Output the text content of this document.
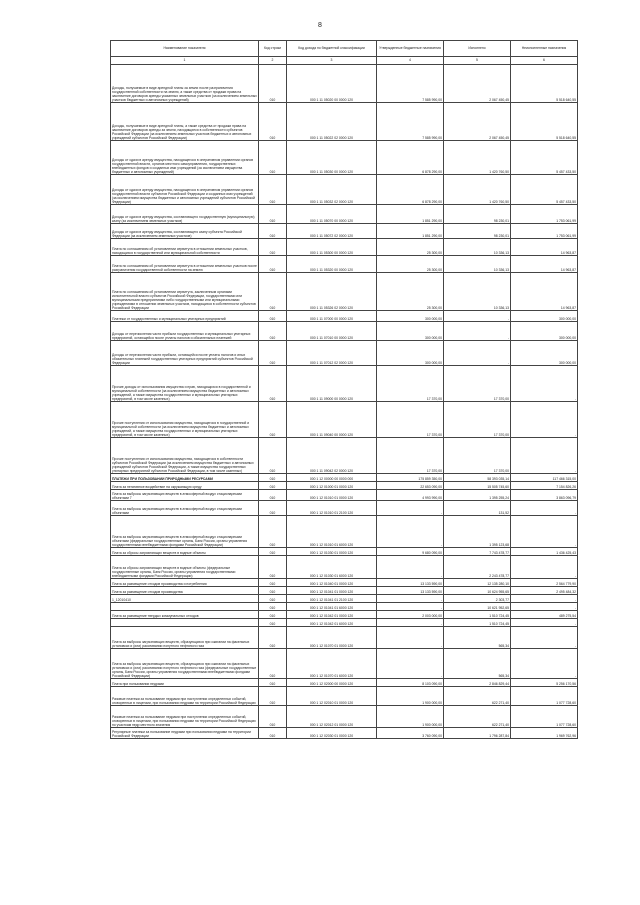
8
Наименование показателя	Код строки	Код дохода по бюджетной классификации	Утвержденные бюджетные назначения	Исполнено	Неисполненные назначения
1	2	3	4	5	6
Доходы, получаемые в виде арендной платы за земли после разграничения государственной собственности на землю, а также средства от продажи права на заключение договоров аренды указанных земельных участков (за исключением земельных участков бюджетных и автономных учреждений)	010	000 1 11 05020 00 0000 120	7 585 990,00	2 067 450,45	5 518 640,55
Доходы, получаемые в виде арендной платы, а также средства от продажи права на заключение договоров аренды за земли, находящиеся в собственности субъектов Российской Федерации (за исключением земельных участков бюджетных и автономных учреждений субъектов Российской Федерации)	010	000 1 11 05022 02 0000 120	7 585 990,00	2 067 450,45	5 518 640,55
Доходы от сдачи в аренду имущества, находящегося в оперативном управлении органов государственной власти, органов местного самоуправления, государственных внебюджетных фондов и созданных ими учреждений (за исключением имущества бюджетных и автономных учреждений)	010	000 1 11 05030 00 0000 120	6 878 290,00	1 420 760,50	5 457 433,50
Доходы от сдачи в аренду имущества, находящегося в оперативном управлении органов государственной власти субъектов Российской Федерации и созданных ими учреждений (за исключением имущества бюджетных и автономных учреждений субъектов Российской Федерации)	010	000 1 11 05032 02 0000 120	6 878 290,00	1 420 760,50	5 457 433,50
Доходы от сдачи в аренду имущества, составляющего государственную (муниципальную) казну (за исключением земельных участков)	010	000 1 11 05070 00 0000 120	1 851 290,00	98 230,01	1 753 061,99
Доходы от сдачи в аренду имущества, составляющего казну субъекта Российской Федерации (за исключением земельных участков)	010	000 1 11 05072 02 0000 120	1 851 290,00	98 230,01	1 753 061,99
Плата по соглашениям об установлении сервитута в отношении земельных участков, находящихся в государственной или муниципальной собственности	010	000 1 11 05300 00 0000 120	25 300,00	10 336,13	14 963,87
Плата по соглашениям об установлении сервитута в отношении земельных участков после разграничения государственной собственности на землю	010	000 1 11 05320 00 0000 120	25 300,00	10 336,13	14 963,87
Плата по соглашениям об установлении сервитута, заключенным органами исполнительной власти субъектов Российской Федерации, государственными или муниципальными предприятиями либо государственными или муниципальными учреждениями в отношении земельных участков, находящихся в собственности субъектов Российской Федерации	010	000 1 11 05326 02 0000 120	25 300,00	10 336,13	14 963,87
Платежи от государственных и муниципальных унитарных предприятий	010	000 1 11 07000 00 0000 120	300 000,00	-	300 000,00
Доходы от перечисления части прибыли государственных и муниципальных унитарных предприятий, остающейся после уплаты налогов и обязательных платежей	010	000 1 11 07010 00 0000 120	300 000,00	-	300 000,00
Доходы от перечисления части прибыли, остающейся после уплаты налогов и иных обязательных платежей государственных унитарных предприятий субъектов Российской Федерации	010	000 1 11 07012 02 0000 120	300 000,00	-	300 000,00
Прочие доходы от использования имущества и прав, находящихся в государственной и муниципальной собственности (за исключением имущества бюджетных и автономных учреждений, а также имущества государственных и муниципальных унитарных предприятий, в том числе казенных)	010	000 1 11 09000 00 0000 120	17 370,00	17 370,00	-
Прочие поступления от использования имущества, находящегося в государственной и муниципальной собственности (за исключением имущества бюджетных и автономных учреждений, а также имущества государственных и муниципальных унитарных предприятий, в том числе казенных)	010	000 1 11 09040 00 0000 120	17 370,00	17 370,00	-
Прочие поступления от использования имущества, находящегося в собственности субъектов Российской Федерации (за исключением имущества бюджетных и автономных учреждений субъектов Российской Федерации, а также имущества государственных унитарных предприятий субъектов Российской Федерации, в том числе казенных)	010	000 1 11 09042 02 0000 120	17 370,00	17 370,00	-
ПЛАТЕЖИ ПРИ ПОЛЬЗОВАНИИ ПРИРОДНЫМИ РЕСУРСАМИ	010	000 1 12 00000 00 0000 000	175 859 350,00	58 393 035,14	117 466 315,00
Плата за негативное воздействие на окружающую среду	010	000 1 12 01000 01 0000 120	22 653 090,00	15 505 745,60	7 154 826,26
Плата за выбросы загрязняющих веществ в атмосферный воздух стационарными объектами 7	010	000 1 12 01010 01 0000 120	4 993 990,00	1 395 255,24	3 863 096,79
Плата за выбросы загрязняющих веществ в атмосферный воздух стационарными объектами	010	000 1 12 01010 01 2100 120	-	131,52	-
Плата за выбросы загрязняющих веществ в атмосферный воздух стационарными объектами (федеральные государственные органы, Банк России, органы управления государственными внебюджетными фондами Российской Федерации)	010	000 1 12 01010 01 6000 120	-	1 395 123,68	-
Плата за сбросы загрязняющих веществ в водные объекты	010	000 1 12 01030 01 0000 120	9 680 090,00	7 743 478,77	1 436 425,43
Плата за сбросы загрязняющих веществ в водные объекты (федеральные государственные органы, Банк России, органы управления государственными внебюджетными фондами Российской Федерации)	010	000 1 12 01030 01 6000 120	-	2 243 478,77	-
Плата за размещение отходов производства и потребления	010	000 1 12 01040 01 0000 120	13 133 590,00	12 135 280,10	2 564 779,90
Плата за размещение отходов производства	010	000 1 12 01041 01 0000 120	13 133 590,00	10 624 955,65	2 495 484,32
1_12010410	010	000 1 12 01041 01 2100 120	-	2 303,77	-
	010	000 1 12 01041 01 6000 120	-	10 621 952,65	-
Плата за размещение твердых коммунальных отходов	010	000 1 12 01042 01 0000 120	2 003 000,00	1 510 724,45	489 275,54
	010	000 1 12 01042 01 6000 120	-	1 510 724,45	-
Плата за выбросы загрязняющих веществ, образующихся при сжигании на факельных установках и (или) рассеивании попутного нефтяного газа	010	000 1 12 01070 01 0000 120	-	565,34	-
Плата за выбросы загрязняющих веществ, образующихся при сжигании на факельных установках и (или) рассеивании попутного нефтяного газа (федеральные государственные органы, Банк России, органы управления государственными внебюджетными фондами Российской Федерации)	010	000 1 12 01070 01 6000 120	-	565,34	-
Плата при пользовании недрами	010	000 1 12 02000 00 0000 120	8 103 090,00	2 846 829,44	5 256 170,56
Разовые платежи за пользование недрами при наступлении определенных событий, оговоренных в лицензии, при пользовании недрами на территории Российской Федерации	010	000 1 12 02010 01 0000 120	1 900 000,00	622 271,40	1 077 728,60
Разовые платежи за пользование недрами при наступлении определенных событий, оговоренных в лицензии, при пользовании недрами на территории Российской Федерации по участкам недр местного значения	010	000 1 12 02012 01 0000 120	1 900 000,00	622 271,40	1 077 728,60
Регулярные платежи за пользование недрами при пользовании недрами на территории Российской Федерации	010	000 1 12 02030 01 0000 120	3 760 090,00	1 796 287,84	1 969 762,96
